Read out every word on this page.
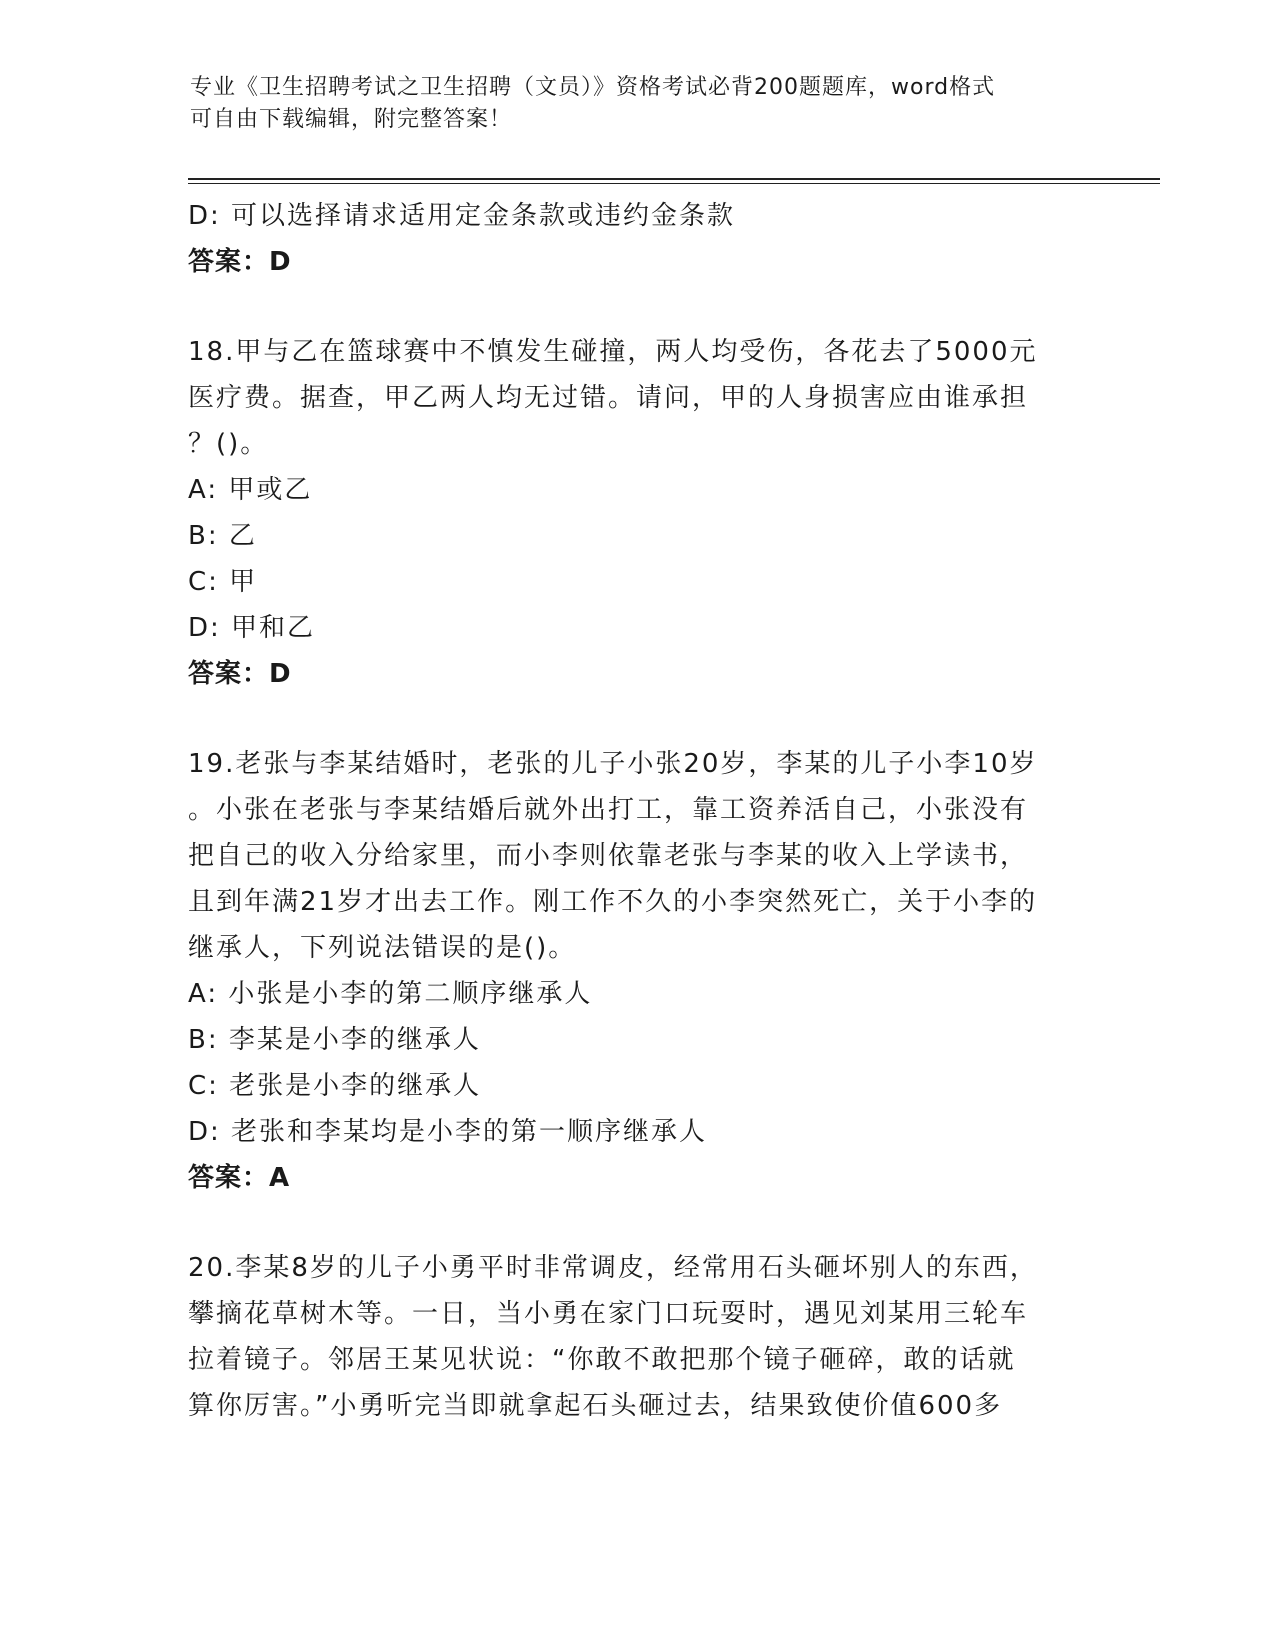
专业《卫生招聘考试之卫生招聘（文员）》资格考试必背200题题库，word格式
可自由下载编辑，附完整答案！
D: 可以选择请求适用定金条款或违约金条款
答案：D
18.甲与乙在篮球赛中不慎发生碰撞，两人均受伤，各花去了5000元
医疗费。据查，甲乙两人均无过错。请问，甲的人身损害应由谁承担
？()。
A: 甲或乙
B: 乙
C: 甲
D: 甲和乙
答案：D
19.老张与李某结婚时，老张的儿子小张20岁，李某的儿子小李10岁
。小张在老张与李某结婚后就外出打工，靠工资养活自己，小张没有
把自己的收入分给家里，而小李则依靠老张与李某的收入上学读书，
且到年满21岁才出去工作。刚工作不久的小李突然死亡，关于小李的
继承人，下列说法错误的是()。
A: 小张是小李的第二顺序继承人
B: 李某是小李的继承人
C: 老张是小李的继承人
D: 老张和李某均是小李的第一顺序继承人
答案：A
20.李某8岁的儿子小勇平时非常调皮，经常用石头砸坏别人的东西，
攀摘花草树木等。一日，当小勇在家门口玩耍时，遇见刘某用三轮车
拉着镜子。邻居王某见状说：“你敢不敢把那个镜子砸碎，敢的话就
算你厉害。”小勇听完当即就拿起石头砸过去，结果致使价值600多
